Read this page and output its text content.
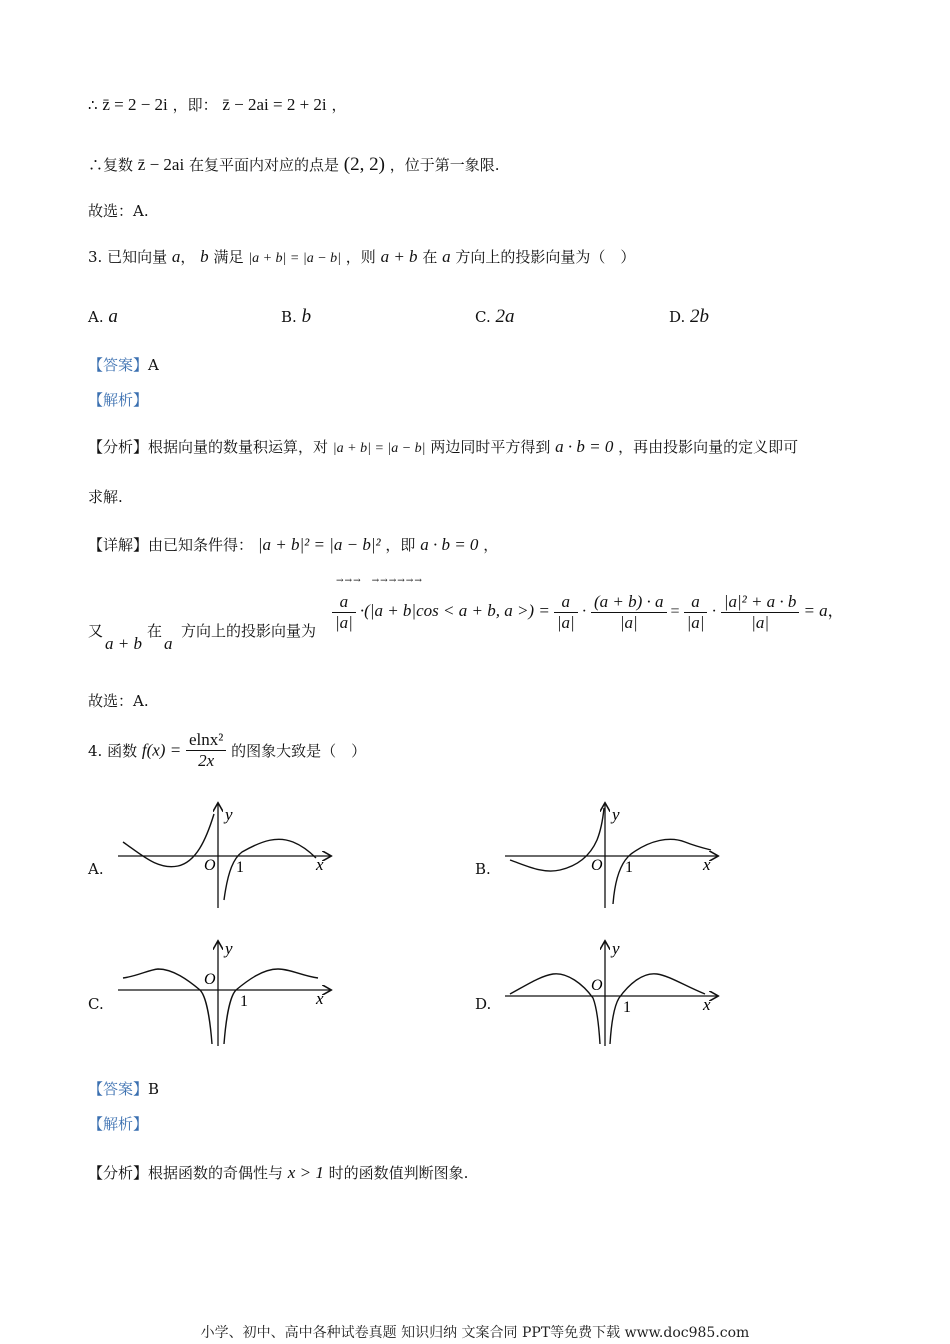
∴ z̄ = 2 − 2i ，即： z̄ − 2ai = 2 + 2i ，
∴复数 z̄ − 2ai 在复平面内对应的点是 (2, 2) ，位于第一象限.
故选：A.
3. 已知向量 a， b 满足 |a + b| = |a − b| ，则 a + b 在 a 方向上的投影向量为（　）
A. a	B. b	C. 2a	D. 2b
【答案】A
【解析】
【分析】根据向量的数量积运算，对 |a + b| = |a − b| 两边同时平方得到 a · b = 0 ，再由投影向量的定义即可
求解.
【详解】由已知条件得： |a + b|² = |a − b|² ，即 a · b = 0 ，
→→→　→→→→→→
又
a + b
在
a
方向上的投影向量为 $\frac{a}{|a|} \cdot(|a + b|\cos < a + b$, a >) = $\frac{a}{|a|} \cdot \frac{(a + b) \cdot a}{|a|} = \frac{a}{|a|} \cdot \frac{\text{|a|² + a · b}}{|a|} = a$，
故选：A.
4. 函数 $f(x) = \frac{\text{elnx²}}{2x}$ 的图象大致是（　）
A.	B.
C.	D.
y
x
O 1
y
x
O 1
y
x
O
1
y
x
O
1
【答案】B
【解析】
【分析】根据函数的奇偶性与 x > 1 时的函数值判断图象.
小学、初中、高中各种试卷真题 知识归纳 文案合同 PPT等免费下载 www.doc985.com
